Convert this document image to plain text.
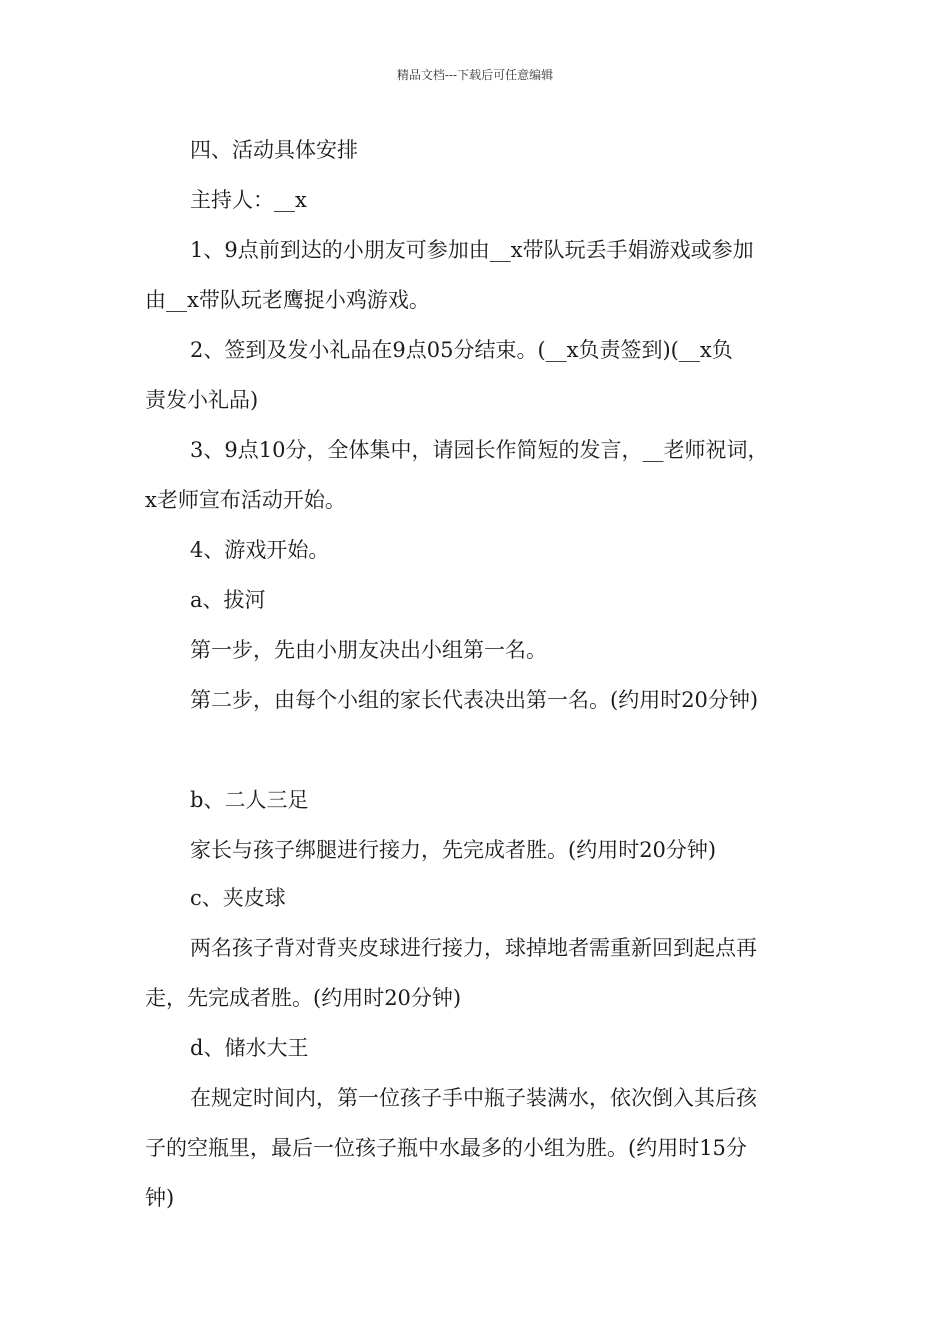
精品文档---下载后可任意编辑
四、活动具体安排
主持人：__x
1、9点前到达的小朋友可参加由__x带队玩丢手娟游戏或参加
由__x带队玩老鹰捉小鸡游戏。
2、签到及发小礼品在9点05分结束。(__x负责签到)(__x负
责发小礼品)
3、9点10分，全体集中，请园长作简短的发言，__老师祝词，
x老师宣布活动开始。
4、游戏开始。
a、拔河
第一步，先由小朋友决出小组第一名。
第二步，由每个小组的家长代表决出第一名。(约用时20分钟)
b、二人三足
家长与孩子绑腿进行接力，先完成者胜。(约用时20分钟)
c、夹皮球
两名孩子背对背夹皮球进行接力，球掉地者需重新回到起点再
走，先完成者胜。(约用时20分钟)
d、储水大王
在规定时间内，第一位孩子手中瓶子装满水，依次倒入其后孩
子的空瓶里，最后一位孩子瓶中水最多的小组为胜。(约用时15分
钟)
